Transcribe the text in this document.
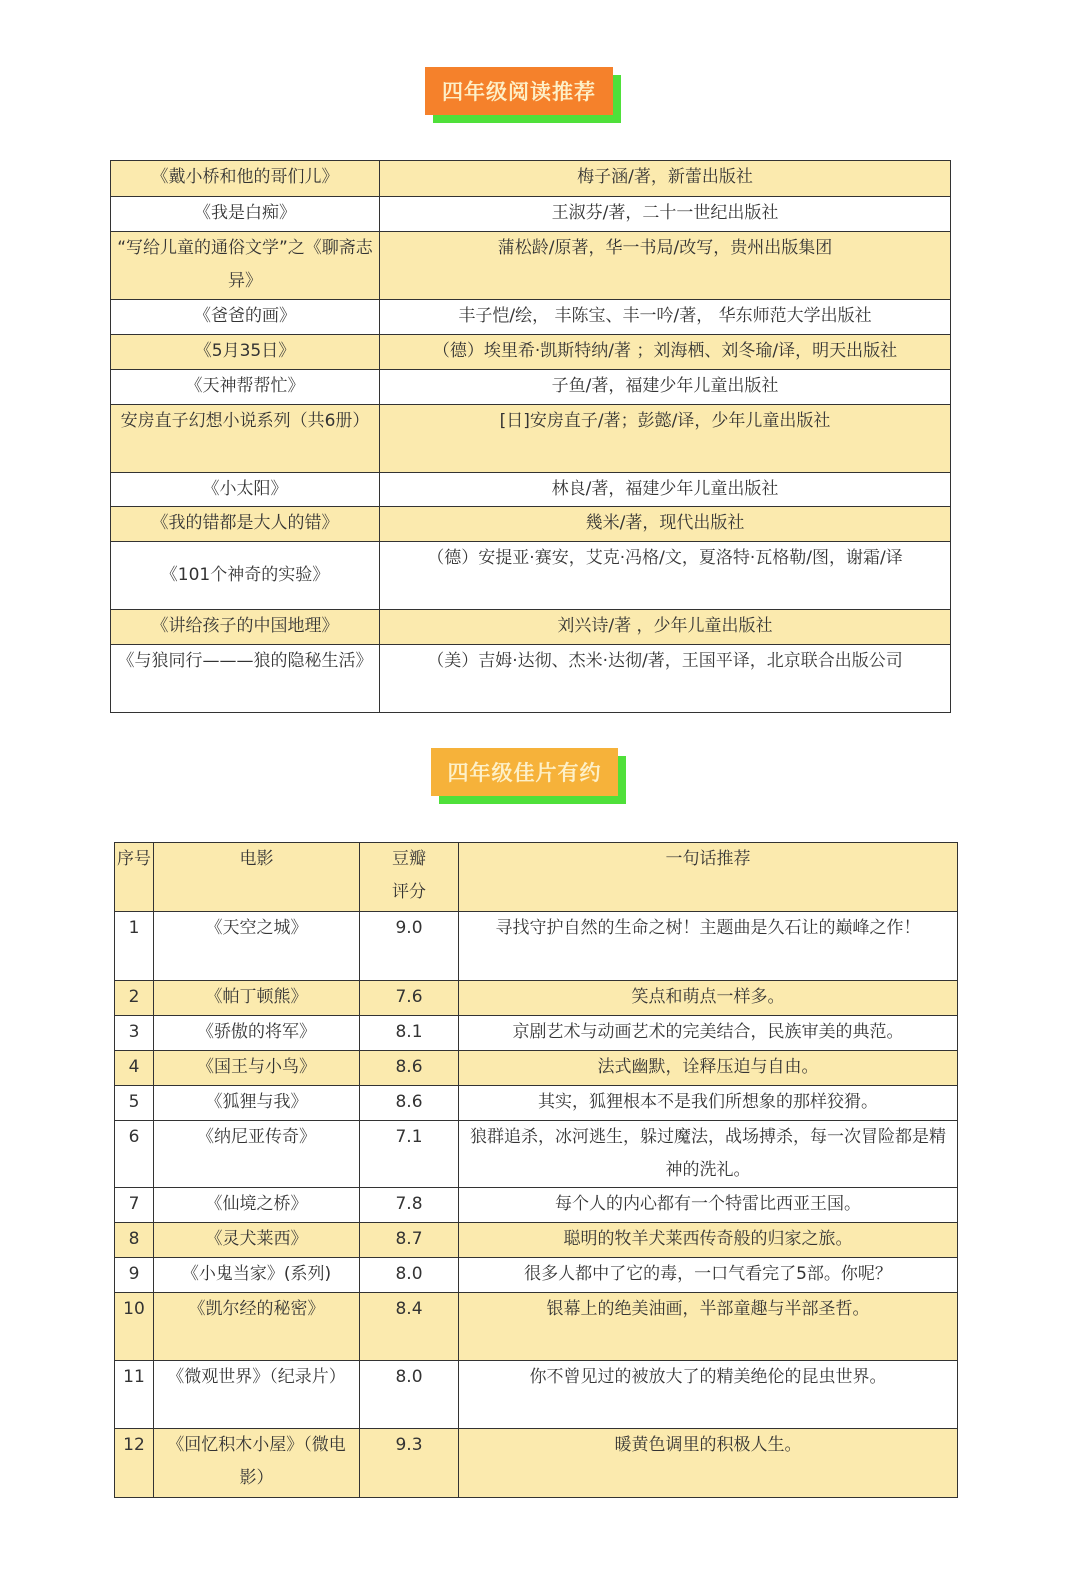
四年级阅读推荐
《戴小桥和他的哥们儿》	梅子涵/著，新蕾出版社
《我是白痴》	王淑芬/著，二十一世纪出版社
“写给儿童的通俗文学”之《聊斋志异》	蒲松龄/原著，华一书局/改写，贵州出版集团
《爸爸的画》	丰子恺/绘， 丰陈宝、丰一吟/著， 华东师范大学出版社
《5月35日》	（德）埃里希·凯斯特纳/著 ；刘海栖、刘冬瑜/译，明天出版社
《天神帮帮忙》	子鱼/著，福建少年儿童出版社
安房直子幻想小说系列（共6册）	[日]安房直子/著；彭懿/译，少年儿童出版社
《小太阳》	林良/著，福建少年儿童出版社
《我的错都是大人的错》	幾米/著，现代出版社
《101个神奇的实验》	（德）安提亚·赛安，艾克·冯格/文，夏洛特·瓦格勒/图，谢霜/译
《讲给孩子的中国地理》	刘兴诗/著 ，少年儿童出版社
《与狼同行———狼的隐秘生活》	（美）吉姆·达彻、杰米·达彻/著，王国平译，北京联合出版公司
四年级佳片有约
序号	电影	豆瓣评分	一句话推荐
1	《天空之城》	9.0	寻找守护自然的生命之树！主题曲是久石让的巅峰之作！
2	《帕丁顿熊》	7.6	笑点和萌点一样多。
3	《骄傲的将军》	8.1	京剧艺术与动画艺术的完美结合，民族审美的典范。
4	《国王与小鸟》	8.6	法式幽默，诠释压迫与自由。
5	《狐狸与我》	8.6	其实，狐狸根本不是我们所想象的那样狡猾。
6	《纳尼亚传奇》	7.1	狼群追杀，冰河逃生，躲过魔法，战场搏杀，每一次冒险都是精神的洗礼。
7	《仙境之桥》	7.8	每个人的内心都有一个特雷比西亚王国。
8	《灵犬莱西》	8.7	聪明的牧羊犬莱西传奇般的归家之旅。
9	《小鬼当家》(系列)	8.0	很多人都中了它的毒，一口气看完了5部。你呢？
10	《凯尔经的秘密》	8.4	银幕上的绝美油画，半部童趣与半部圣哲。
11	《微观世界》（纪录片）	8.0	你不曾见过的被放大了的精美绝伦的昆虫世界。
12	《回忆积木小屋》（微电影）	9.3	暖黄色调里的积极人生。
